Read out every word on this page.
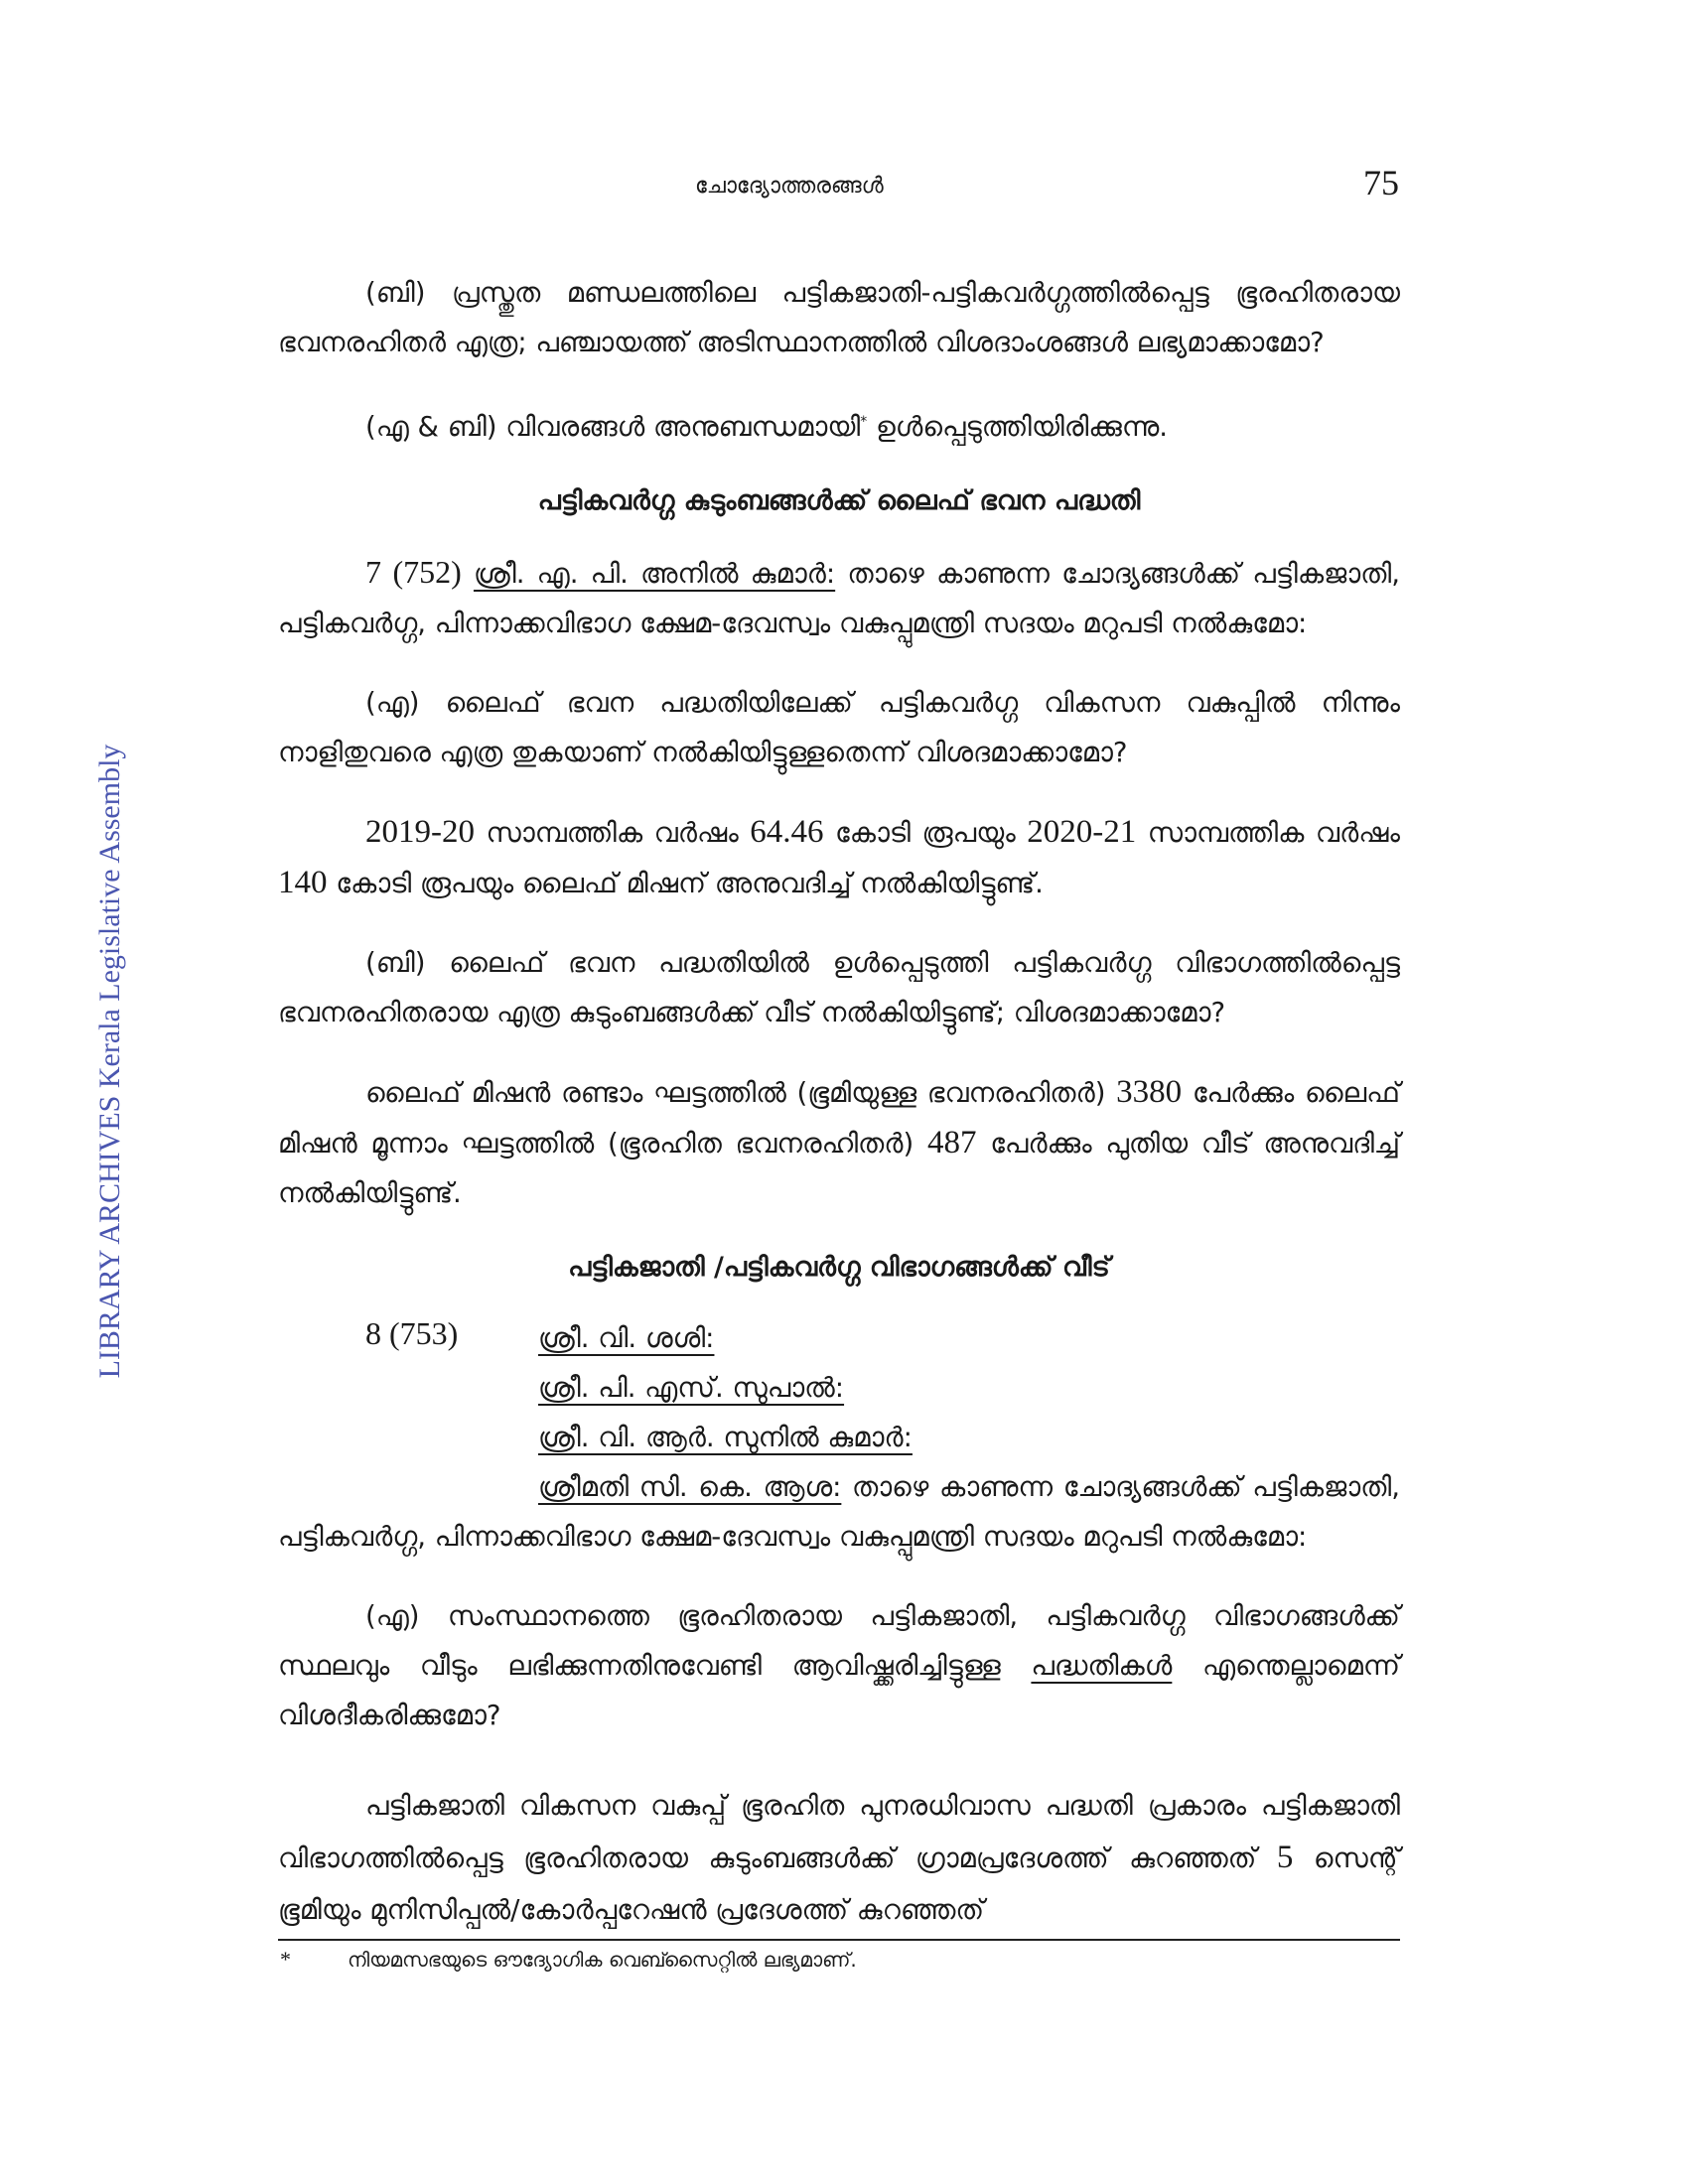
LIBRARY ARCHIVES Kerala Legislative Assembly
ചോദ്യോത്തരങ്ങൾ	75

(ബി) പ്രസ്തുത മണ്ഡലത്തിലെ പട്ടികജാതി-പട്ടികവർഗ്ഗത്തിൽപ്പെട്ട ഭൂരഹിതരായ ഭവനരഹിതർ എത്ര; പഞ്ചായത്ത് അടിസ്ഥാനത്തിൽ വിശദാംശങ്ങൾ ലഭ്യമാക്കാമോ?

(എ & ബി) വിവരങ്ങൾ അനുബന്ധമായി* ഉൾപ്പെടുത്തിയിരിക്കുന്നു.

പട്ടികവർഗ്ഗ കുടുംബങ്ങൾക്ക് ലൈഫ് ഭവന പദ്ധതി

7 (752) ശ്രീ. എ. പി. അനിൽ കുമാർ: താഴെ കാണുന്ന ചോദ്യങ്ങൾക്ക് പട്ടികജാതി, പട്ടികവർഗ്ഗ, പിന്നാക്കവിഭാഗ ക്ഷേമ-ദേവസ്വം വകുപ്പുമന്ത്രി സദയം മറുപടി നൽകുമോ:

(എ) ലൈഫ് ഭവന പദ്ധതിയിലേക്ക് പട്ടികവർഗ്ഗ വികസന വകുപ്പിൽ നിന്നും നാളിതുവരെ എത്ര തുകയാണ് നൽകിയിട്ടുള്ളതെന്ന് വിശദമാക്കാമോ?

2019-20 സാമ്പത്തിക വർഷം 64.46 കോടി രൂപയും 2020-21 സാമ്പത്തിക വർഷം 140 കോടി രൂപയും ലൈഫ് മിഷന് അനുവദിച്ച് നൽകിയിട്ടുണ്ട്.

(ബി) ലൈഫ് ഭവന പദ്ധതിയിൽ ഉൾപ്പെടുത്തി പട്ടികവർഗ്ഗ വിഭാഗത്തിൽപ്പെട്ട ഭവനരഹിതരായ എത്ര കുടുംബങ്ങൾക്ക് വീട് നൽകിയിട്ടുണ്ട്; വിശദമാക്കാമോ?

ലൈഫ് മിഷൻ രണ്ടാം ഘട്ടത്തിൽ (ഭൂമിയുള്ള ഭവനരഹിതർ) 3380 പേർക്കും ലൈഫ് മിഷൻ മൂന്നാം ഘട്ടത്തിൽ (ഭൂരഹിത ഭവനരഹിതർ) 487 പേർക്കും പുതിയ വീട് അനുവദിച്ച് നൽകിയിട്ടുണ്ട്.

പട്ടികജാതി /പട്ടികവർഗ്ഗ വിഭാഗങ്ങൾക്ക് വീട്
8 (753)	ശ്രീ. വി. ശശി:
ശ്രീ. പി. എസ്. സുപാൽ:
ശ്രീ. വി. ആർ. സുനിൽ കുമാർ:

ശ്രീമതി സി. കെ. ആശ: താഴെ കാണുന്ന ചോദ്യങ്ങൾക്ക് പട്ടികജാതി, പട്ടികവർഗ്ഗ, പിന്നാക്കവിഭാഗ ക്ഷേമ-ദേവസ്വം വകുപ്പുമന്ത്രി സദയം മറുപടി നൽകുമോ:

(എ) സംസ്ഥാനത്തെ ഭൂരഹിതരായ പട്ടികജാതി, പട്ടികവർഗ്ഗ വിഭാഗങ്ങൾക്ക് സ്ഥലവും വീടും ലഭിക്കുന്നതിനുവേണ്ടി ആവിഷ്ക്കരിച്ചിട്ടുള്ള പദ്ധതികൾ എന്തെല്ലാമെന്ന് വിശദീകരിക്കുമോ?

പട്ടികജാതി വികസന വകുപ്പ് ഭൂരഹിത പുനരധിവാസ പദ്ധതി പ്രകാരം പട്ടികജാതി വിഭാഗത്തിൽപ്പെട്ട ഭൂരഹിതരായ കുടുംബങ്ങൾക്ക് ഗ്രാമപ്രദേശത്ത് കുറഞ്ഞത് 5 സെന്റ് ഭൂമിയും മുനിസിപ്പൽ/കോർപ്പറേഷൻ പ്രദേശത്ത് കുറഞ്ഞത്

*	നിയമസഭയുടെ ഔദ്യോഗിക വെബ്സൈറ്റിൽ ലഭ്യമാണ്.
